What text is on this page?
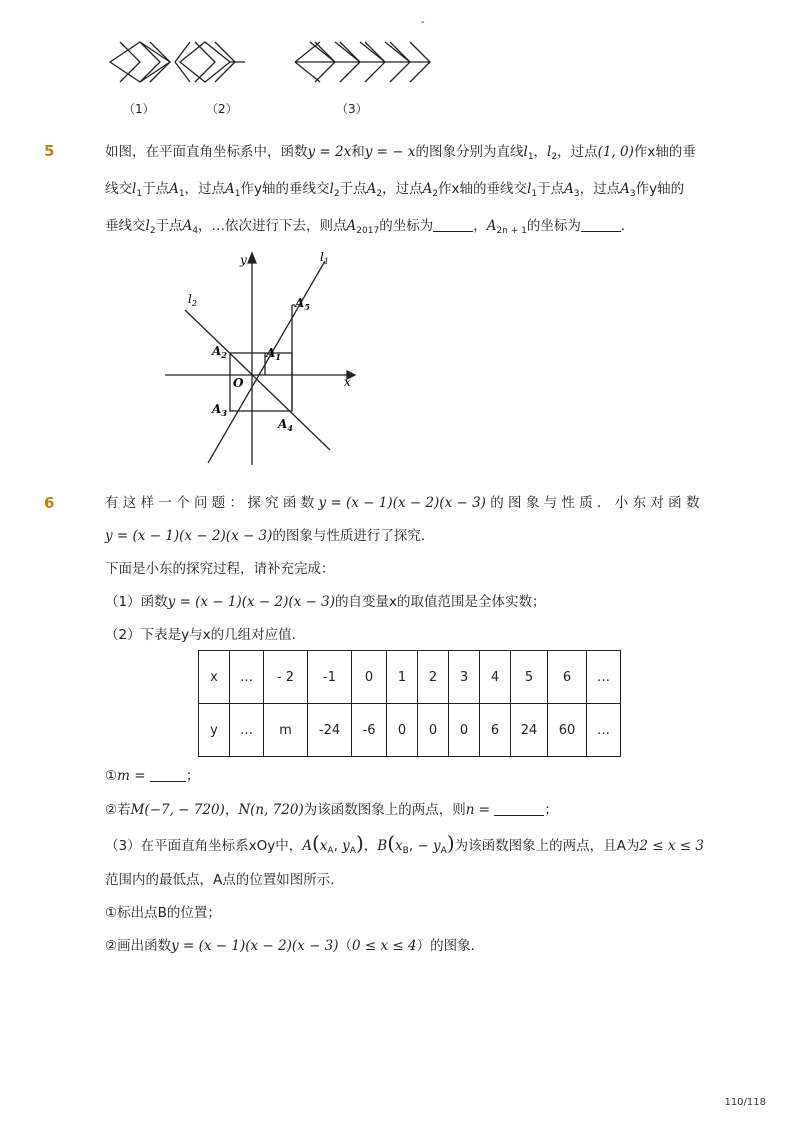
-
（1）	（2）	（3）
5	如图，在平面直角坐标系中，函数y = 2x和y = − x的图象分别为直线$l_1$，$l_2$，过点(1, 0)作x轴的垂
线交$l_1$于点$A_1$，过点$A_1$作y轴的垂线交$l_2$于点$A_2$，过点$A_2$作x轴的垂线交$l_1$于点$A_3$，过点$A_3$作y轴的
垂线交$l_2$于点$A_4$，…依次进行下去，则点$A_{2017}$的坐标为	，$A_{2n + 1}$的坐标为	．
y
x
O
$l_1$
$l_2$
$A_1$
$A_2$
$A_3$
$A_4$
$A_5$
6	有 这 样 一 个 问 题 ： 探 究 函 数 y = (x − 1)(x − 2)(x − 3) 的 图 象 与 性 质 ． 小 东 对 函 数
y = (x − 1)(x − 2)(x − 3)的图象与性质进行了探究．
下面是小东的探究过程，请补充完成：
（1）函数y = (x − 1)(x − 2)(x − 3)的自变量x的取值范围是全体实数；
（2）下表是y与x的几组对应值．
x	…	- 2	-1	0	1	2	3	4	5	6	…
y	…	m	-24	-6	0	0	0	6	24	60	…
①m =	；
②若M(−7, − 720)，N(n, 720)为该函数图象上的两点，则n =	；
（3）在平面直角坐标系xOy中，$A(x_A$, $y_A$)，$B(x_B$, − $y_A$)为该函数图象上的两点，且A为2 ≤ x ≤ 3
范围内的最低点，A点的位置如图所示．
①标出点B的位置；
②画出函数y = (x − 1)(x − 2)(x − 3)（0 ≤ x ≤ 4）的图象．
110/118
